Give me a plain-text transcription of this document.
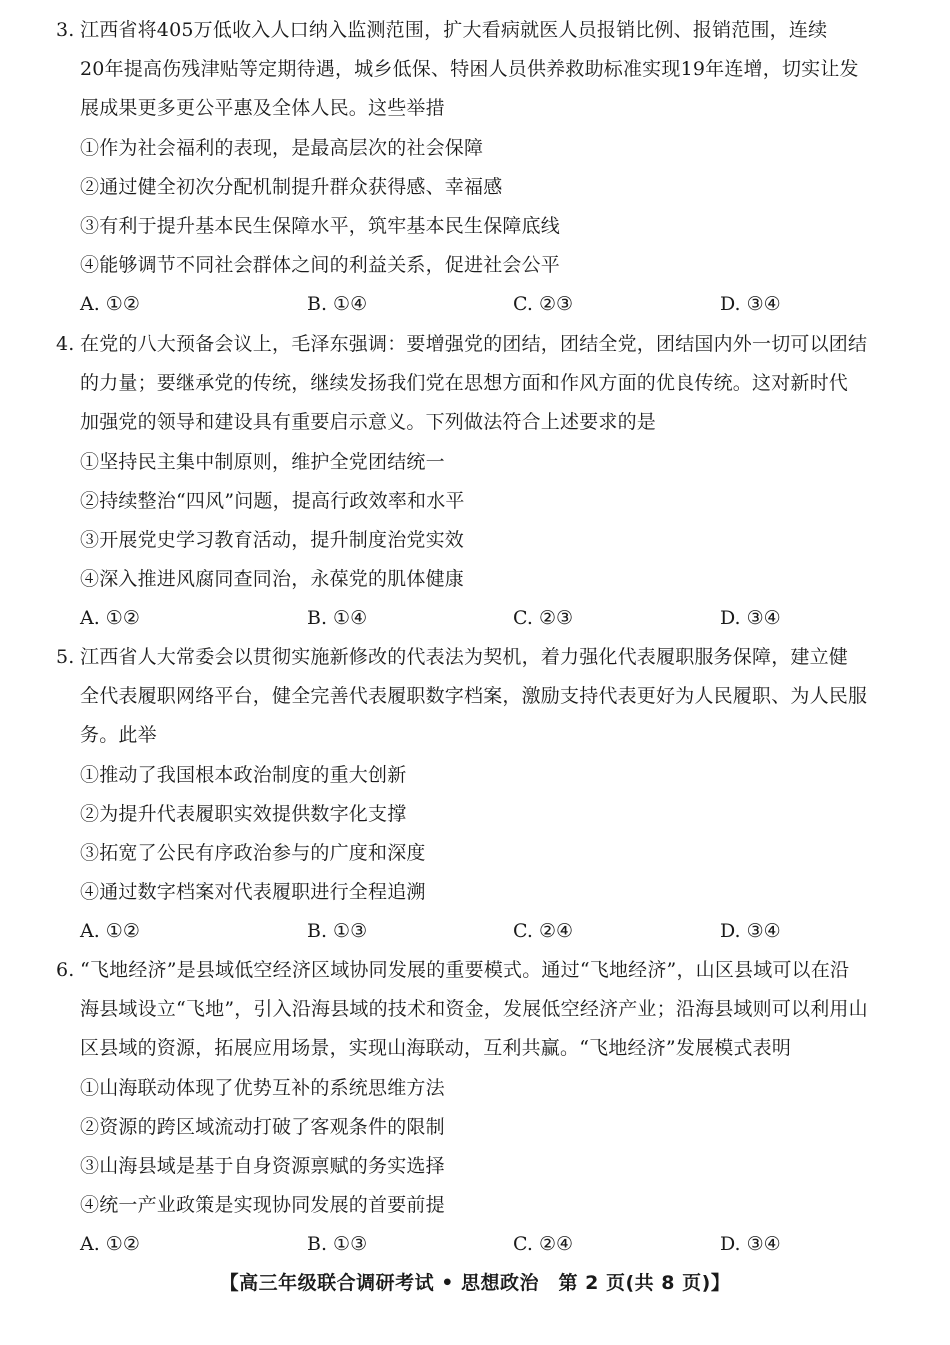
3. 江西省将405万低收入人口纳入监测范围，扩大看病就医人员报销比例、报销范围，连续
20年提高伤残津贴等定期待遇，城乡低保、特困人员供养救助标准实现19年连增，切实让发
展成果更多更公平惠及全体人民。这些举措
①作为社会福利的表现，是最高层次的社会保障
②通过健全初次分配机制提升群众获得感、幸福感
③有利于提升基本民生保障水平，筑牢基本民生保障底线
④能够调节不同社会群体之间的利益关系，促进社会公平
A. ①②	B. ①④	C. ②③	D. ③④
4. 在党的八大预备会议上，毛泽东强调：要增强党的团结，团结全党，团结国内外一切可以团结
的力量；要继承党的传统，继续发扬我们党在思想方面和作风方面的优良传统。这对新时代
加强党的领导和建设具有重要启示意义。下列做法符合上述要求的是
①坚持民主集中制原则，维护全党团结统一
②持续整治“四风”问题，提高行政效率和水平
③开展党史学习教育活动，提升制度治党实效
④深入推进风腐同查同治，永葆党的肌体健康
A. ①②	B. ①④	C. ②③	D. ③④
5. 江西省人大常委会以贯彻实施新修改的代表法为契机，着力强化代表履职服务保障，建立健
全代表履职网络平台，健全完善代表履职数字档案，激励支持代表更好为人民履职、为人民服
务。此举
①推动了我国根本政治制度的重大创新
②为提升代表履职实效提供数字化支撑
③拓宽了公民有序政治参与的广度和深度
④通过数字档案对代表履职进行全程追溯
A. ①②	B. ①③	C. ②④	D. ③④
6. “飞地经济”是县域低空经济区域协同发展的重要模式。通过“飞地经济”，山区县域可以在沿
海县域设立“飞地”，引入沿海县域的技术和资金，发展低空经济产业；沿海县域则可以利用山
区县域的资源，拓展应用场景，实现山海联动，互利共赢。“飞地经济”发展模式表明
①山海联动体现了优势互补的系统思维方法
②资源的跨区域流动打破了客观条件的限制
③山海县域是基于自身资源禀赋的务实选择
④统一产业政策是实现协同发展的首要前提
A. ①②	B. ①③	C. ②④	D. ③④
【高三年级联合调研考试 • 思想政治　第 2 页(共 8 页)】
